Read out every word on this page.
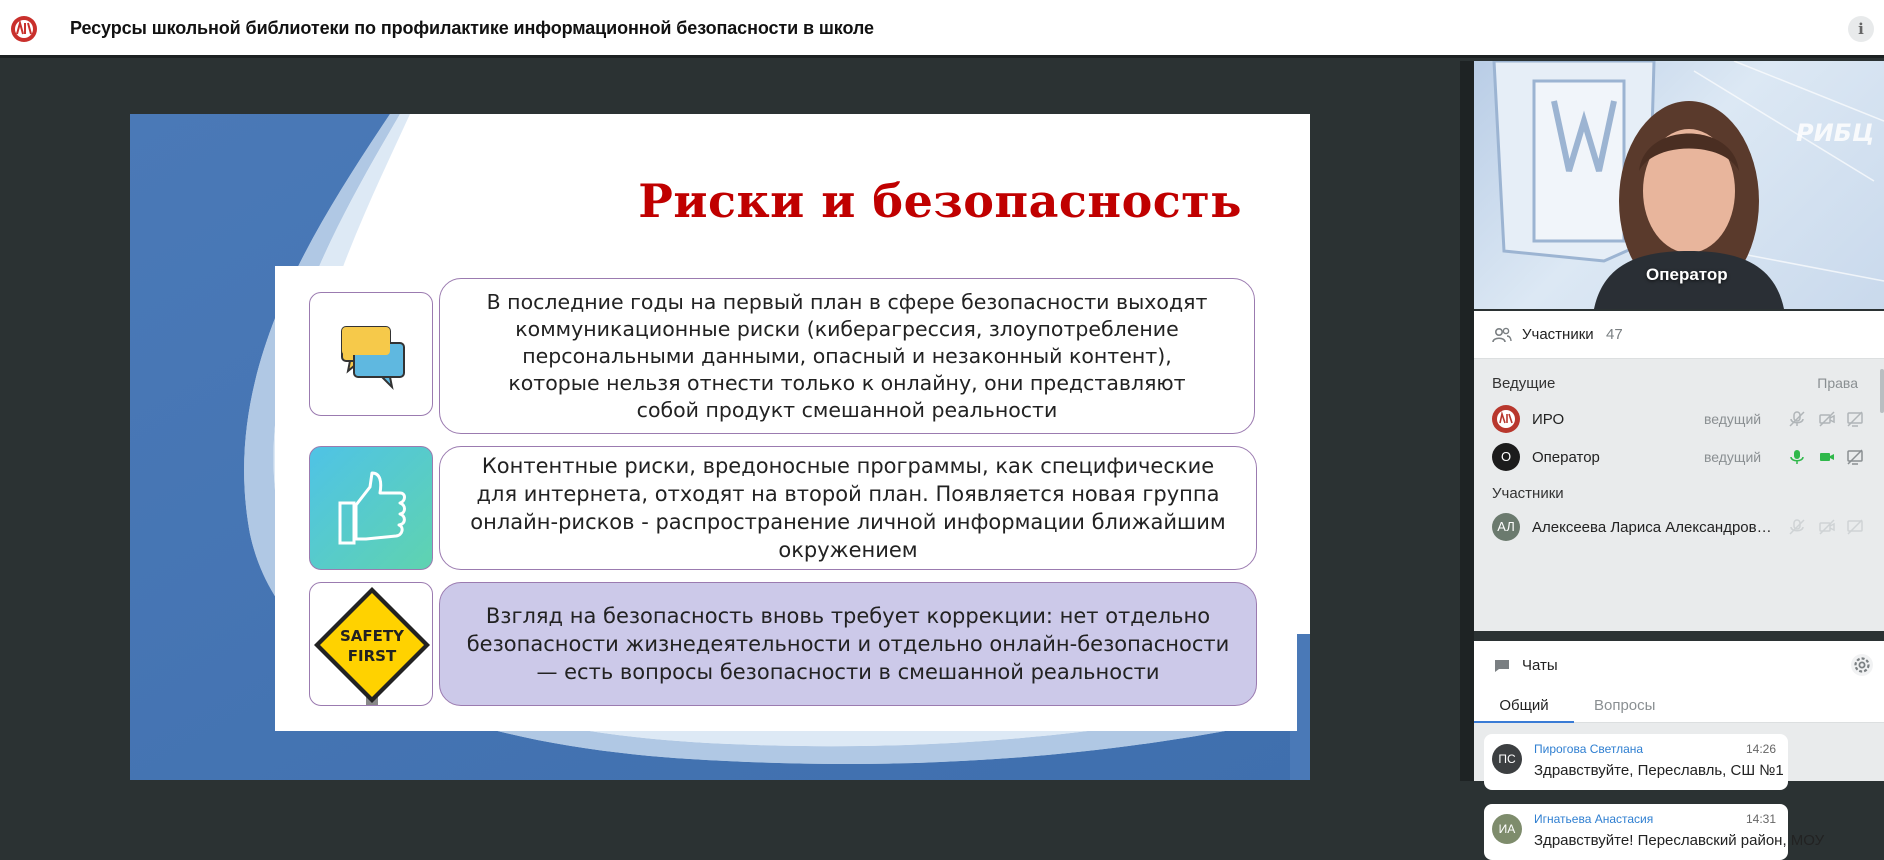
Ресурсы школьной библиотеки по профилактике информационной безопасности в школе	i
Риски и безопасность
В последние годы на первый план в сфере безопасности выходят коммуникационные риски (кибeрагрессия, злоупотребление персональными данными, опасный и незаконный контент), которые нельзя отнести только к онлайну, они представляют собой продукт смешанной реальности
Контентные риски, вредоносные программы, как специфические для интернета, отходят на второй план. Появляется новая группа онлайн-рисков - распространение личной информации ближайшим окружением
SAFETY
FIRST
Взгляд на безопасность вновь требует коррекции: нет отдельно безопасности жизнедеятельности и отдельно онлайн-безопасности — есть вопросы безопасности в смешанной реальности
РИБЦ
Оператор
Участники 47
Ведущие	Права
ИРО	ведущий
О	Оператор	ведущий
Участники
АЛ	Алексеева Лариса Александров…
Чаты
Общий	Вопросы
ПС
Пирогова Светлана	14:26
Здравствуйте, Переславль, СШ №1
ИА
Игнатьева Анастасия	14:31
Здравствуйте! Переславский район, МОУ
